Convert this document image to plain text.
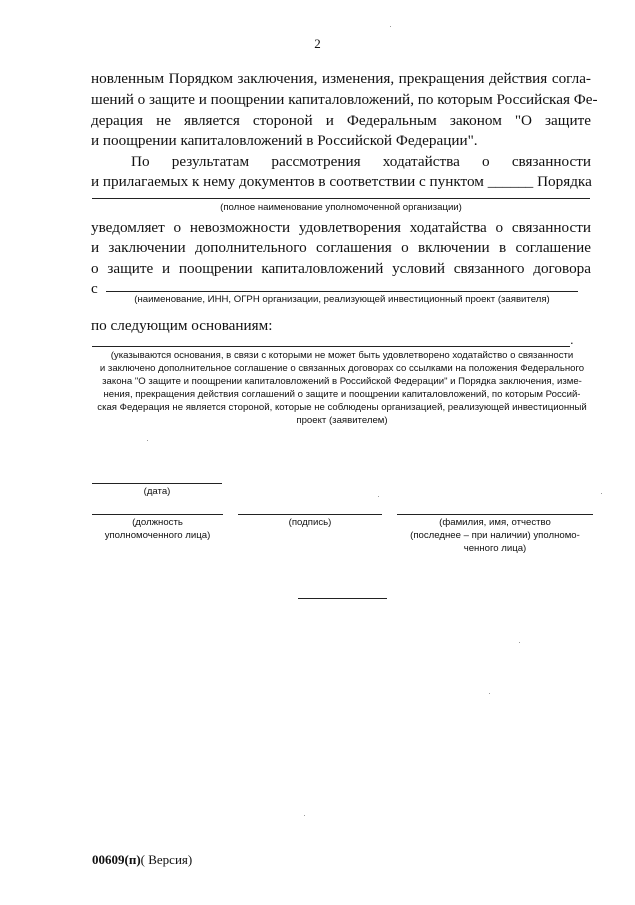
2
новленным Порядком заключения, изменения, прекращения действия согла-
шений о защите и поощрении капиталовложений, по которым Российская Фе-
дерация не является стороной и Федеральным законом "О защите
и поощрении капиталовложений в Российской Федерации".
По результатам рассмотрения ходатайства о связанности
и прилагаемых к нему документов в соответствии с пунктом ______ Порядка
(полное наименование уполномоченной организации)
уведомляет о невозможности удовлетворения ходатайства о связанности
и заключении дополнительного соглашения о включении в соглашение
о защите и поощрении капиталовложений условий связанного договора
с
(наименование, ИНН, ОГРН организации, реализующей инвестиционный проект (заявителя)
по следующим основаниям:
.
(указываются основания, в связи с которыми не может быть удовлетворено ходатайство о связанности
и заключено дополнительное соглашение о связанных договорах со ссылками на положения Федерального
закона "О защите и поощрении капиталовложений в Российской Федерации" и Порядка заключения, изме-
нения, прекращения действия соглашений о защите и поощрении капиталовложений, по которым Россий-
ская Федерация не является стороной, которые не соблюдены организацией, реализующей инвестиционный
проект (заявителем)
(дата)
(должность
уполномоченного лица)
(подпись)	(фамилия, имя, отчество
(последнее – при наличии) уполномо-
ченного лица)
00609(п)( Версия)
